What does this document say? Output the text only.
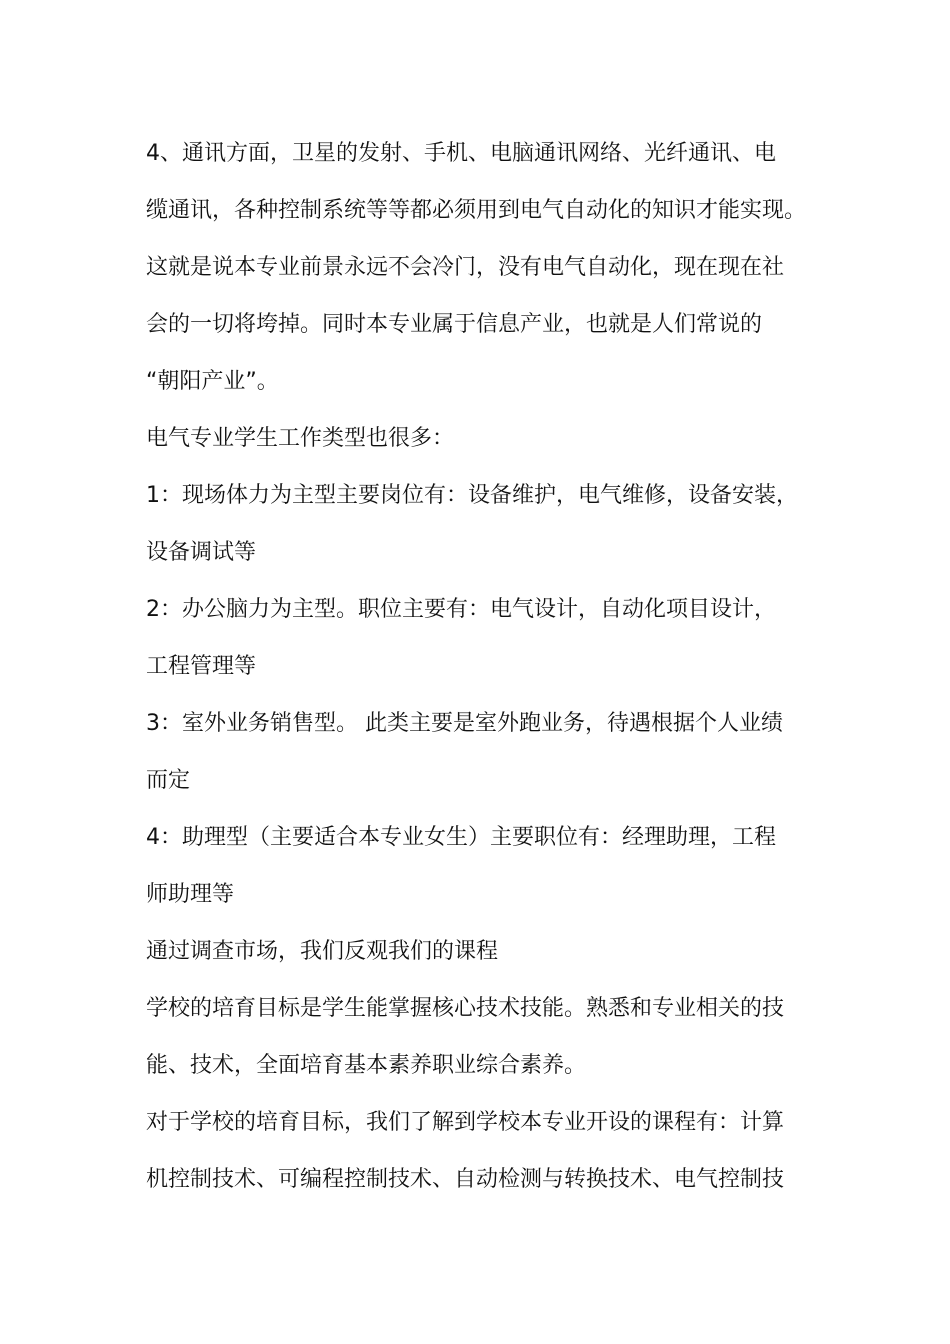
4、通讯方面，卫星的发射、手机、电脑通讯网络、光纤通讯、电
缆通讯，各种控制系统等等都必须用到电气自动化的知识才能实现。
这就是说本专业前景永远不会冷门，没有电气自动化，现在现在社
会的一切将垮掉。同时本专业属于信息产业，也就是人们常说的
“朝阳产业”。
电气专业学生工作类型也很多：
1：现场体力为主型主要岗位有：设备维护，电气维修，设备安装，
设备调试等
2：办公脑力为主型。职位主要有：电气设计，自动化项目设计，
工程管理等
3：室外业务销售型。 此类主要是室外跑业务，待遇根据个人业绩
而定
4：助理型（主要适合本专业女生）主要职位有：经理助理，工程
师助理等
通过调查市场，我们反观我们的课程
学校的培育目标是学生能掌握核心技术技能。熟悉和专业相关的技
能、技术，全面培育基本素养职业综合素养。
对于学校的培育目标，我们了解到学校本专业开设的课程有：计算
机控制技术、可编程控制技术、自动检测与转换技术、电气控制技
